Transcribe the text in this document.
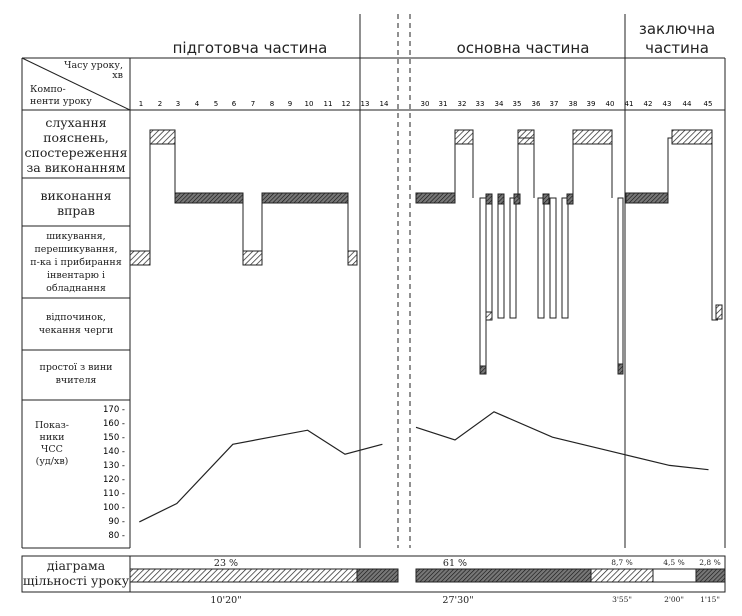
підготовча частина	основна частина
заключна
частина
Часу уроку,
хв
Компо-
ненти уроку	1 2 3 4 5 6 7 8 9 10 11 12 13 14	30 31 32 33 34 35 36 37 38 39 40 41 42 43 44 45
слухання
пояснень,
спостереження
за виконанням
виконання
вправ
шикування,
перешикування,
п-ка і прибирання
інвентарю і
обладнання
відпочинок,
чекання черги
простої з вини
вчителя
Показ-
ники
ЧСС
(уд/хв)
170 -
160 -
150 -
140 -
130 -
120 -
110 -
100 -
90 -
80 -
діаграма
щільності уроку
23 %	61 %	8,7 %	4,5 % 2,8 %
10'20"	27'30"	3'55"	2'00" 1'15"
